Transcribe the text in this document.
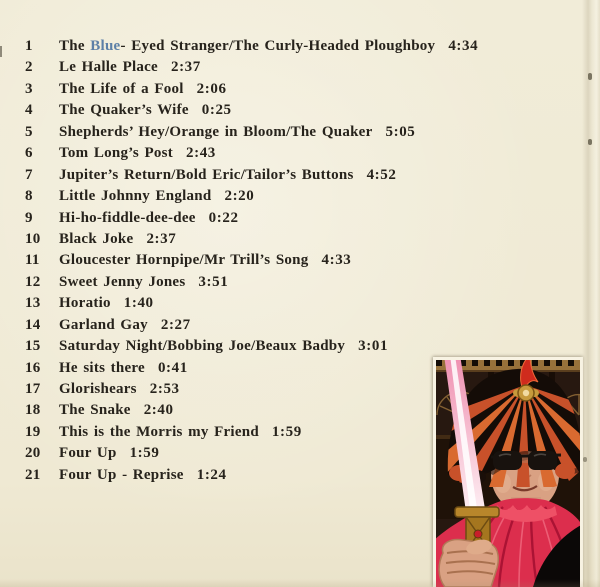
1	The Blue- Eyed Stranger/The Curly-Headed Ploughboy 4:34
2	Le Halle Place 2:37
3	The Life of a Fool 2:06
4	The Quaker’s Wife 0:25
5	Shepherds’ Hey/Orange in Bloom/The Quaker 5:05
6	Tom Long’s Post 2:43
7	Jupiter’s Return/Bold Eric/Tailor’s Buttons 4:52
8	Little Johnny England 2:20
9	Hi-ho-fiddle-dee-dee 0:22
10	Black Joke 2:37
11	Gloucester Hornpipe/Mr Trill’s Song 4:33
12	Sweet Jenny Jones 3:51
13	Horatio 1:40
14	Garland Gay 2:27
15	Saturday Night/Bobbing Joe/Beaux Badby 3:01
16	He sits there 0:41
17	Glorishears 2:53
18	The Snake 2:40
19	This is the Morris my Friend 1:59
20	Four Up 1:59
21	Four Up - Reprise 1:24
